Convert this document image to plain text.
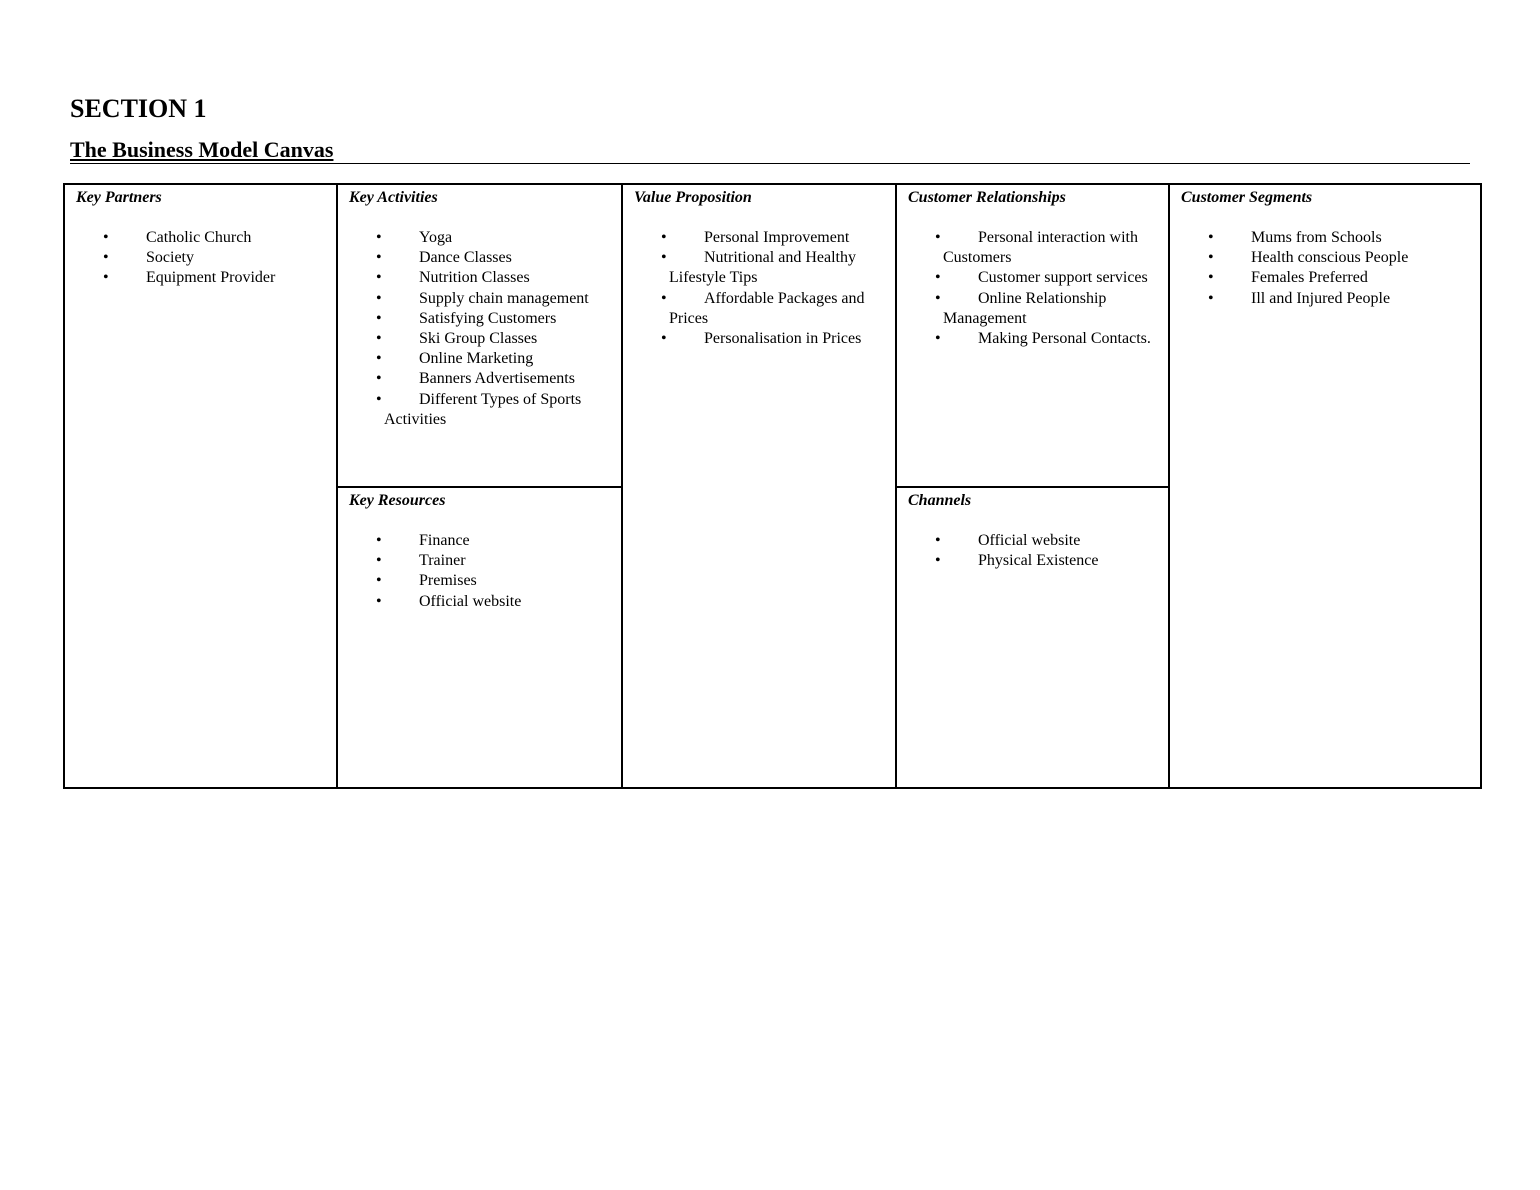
SECTION 1
The Business Model Canvas

Key Partners

• Catholic Church
• Society
• Equipment Provider

Key Activities

• Yoga
• Dance Classes
• Nutrition Classes
• Supply chain management
• Satisfying Customers
• Ski Group Classes
• Online Marketing
• Banners Advertisements
• Different Types of Sports Activities

Key Resources

• Finance
• Trainer
• Premises
• Official website

Value Proposition

• Personal Improvement
• Nutritional and Healthy Lifestyle Tips
• Affordable Packages and Prices
• Personalisation in Prices

Customer Relationships

• Personal interaction with Customers
• Customer support services
• Online Relationship Management
• Making Personal Contacts.

Channels

• Official website
• Physical Existence

Customer Segments

• Mums from Schools
• Health conscious People
• Females Preferred
• Ill and Injured People
